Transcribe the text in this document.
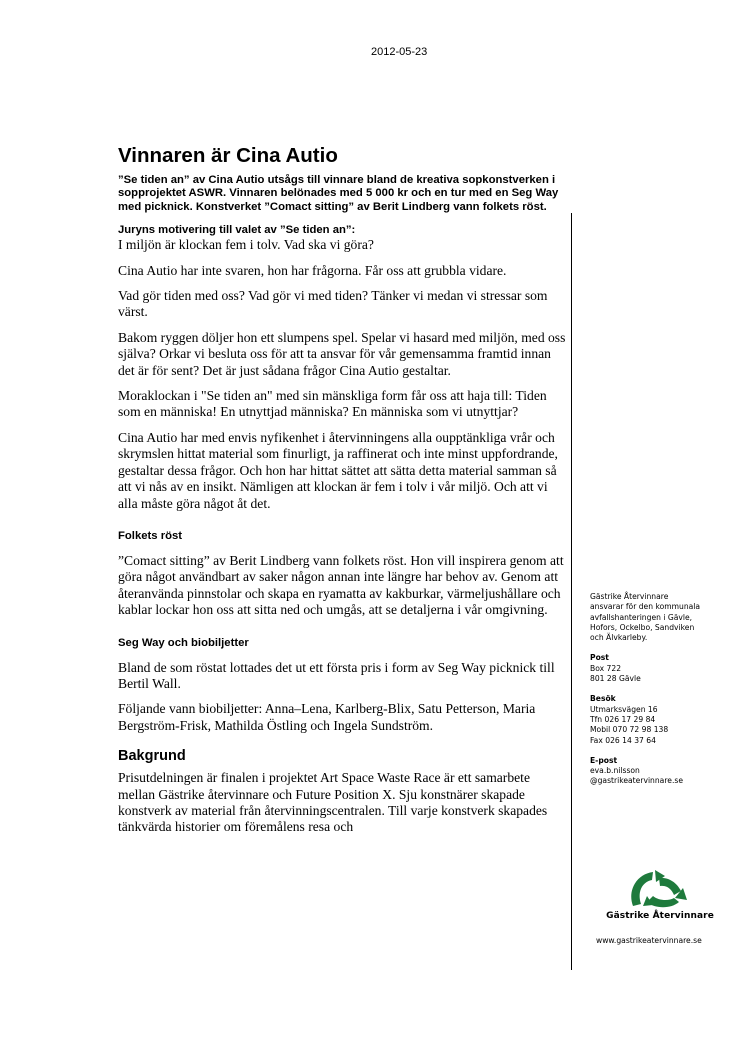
2012-05-23
Vinnaren är Cina Autio
”Se tiden an” av Cina Autio utsågs till vinnare bland de kreativa sopkonstverken i sopprojektet ASWR. Vinnaren belönades med 5 000 kr och en tur med en Seg Way med picknick. Konstverket ”Comact sitting” av Berit Lindberg vann folkets röst.
Juryns motivering till valet av ”Se tiden an”:

I miljön är klockan fem i tolv. Vad ska vi göra?

Cina Autio har inte svaren, hon har frågorna. Får oss att grubbla vidare.

Vad gör tiden med oss? Vad gör vi med tiden? Tänker vi medan vi stressar som värst.

Bakom ryggen döljer hon ett slumpens spel. Spelar vi hasard med miljön, med oss själva? Orkar vi besluta oss för att ta ansvar för vår gemensamma framtid innan det är för sent? Det är just sådana frågor Cina Autio gestaltar.

Moraklockan i "Se tiden an" med sin mänskliga form får oss att haja till: Tiden som en människa! En utnyttjad människa? En människa som vi utnyttjar?

Cina Autio har med envis nyfikenhet i återvinningens alla oupptänkliga vrår och skrymslen hittat material som finurligt, ja raffinerat och inte minst uppfordrande, gestaltar dessa frågor. Och hon har hittat sättet att sätta detta material samman så att vi nås av en insikt. Nämligen att klockan är fem i tolv i vår miljö. Och att vi alla måste göra något åt det.

Folkets röst

”Comact sitting” av Berit Lindberg vann folkets röst. Hon vill inspirera genom att göra något användbart av saker någon annan inte längre har behov av. Genom att återanvända pinnstolar och skapa en ryamatta av kakburkar, värmeljushållare och kablar lockar hon oss att sitta ned och umgås, att se detaljerna i vår omgivning.

Seg Way och biobiljetter

Bland de som röstat lottades det ut ett första pris i form av Seg Way picknick till Bertil Wall.

Följande vann biobiljetter: Anna–Lena, Karlberg-Blix, Satu Petterson, Maria Bergström-Frisk, Mathilda Östling och Ingela Sundström.

Bakgrund

Prisutdelningen är finalen i projektet Art Space Waste Race är ett samarbete mellan Gästrike återvinnare och Future Position X. Sju konstnärer skapade konstverk av material från återvinningscentralen. Till varje konstverk skapades tänkvärda historier om föremålens resa och

Gästrike Återvinnare
ansvarar för den kommunala
avfallshanteringen i Gävle,
Hofors, Ockelbo, Sandviken
och Älvkarleby.
Post
Box 722
801 28 Gävle
Besök
Utmarksvägen 16
Tfn 026 17 29 84
Mobil 070 72 98 138
Fax 026 14 37 64
E-post
eva.b.nilsson
@gastrikeatervinnare.se
Gästrike Återvinnare
www.gastrikeatervinnare.se
